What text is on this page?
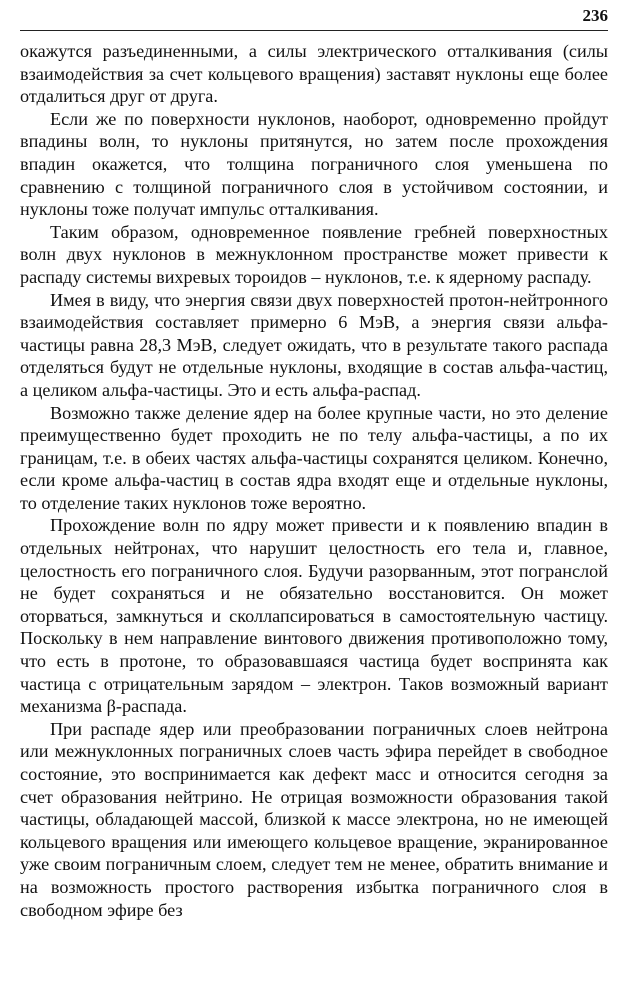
236

окажутся разъединенными, а силы электрического отталкивания (силы взаимодействия за счет кольцевого вращения) заставят нуклоны еще более отдалиться друг от друга.

Если же по поверхности нуклонов, наоборот, одновременно пройдут впадины волн, то нуклоны притянутся, но затем после прохождения впадин окажется, что толщина пограничного слоя уменьшена по сравнению с толщиной пограничного слоя в устойчивом состоянии, и нуклоны тоже получат импульс отталкивания.

Таким образом, одновременное появление гребней поверхностных волн двух нуклонов в межнуклонном пространстве может привести к распаду системы вихревых тороидов – нуклонов, т.е. к ядерному распаду.

Имея в виду, что энергия связи двух поверхностей протон-нейтронного взаимодействия составляет примерно 6 МэВ, а энергия связи альфа-частицы равна 28,3 МэВ, следует ожидать, что в результате такого распада отделяться будут не отдельные нуклоны, входящие в состав альфа-частиц, а целиком альфа-частицы. Это и есть альфа-распад.

Возможно также деление ядер на более крупные части, но это деление преимущественно будет проходить не по телу альфа-частицы, а по их границам, т.е. в обеих частях альфа-частицы сохранятся целиком. Конечно, если кроме альфа-частиц в состав ядра входят еще и отдельные нуклоны, то отделение таких нуклонов тоже вероятно.

Прохождение волн по ядру может привести и к появлению впадин в отдельных нейтронах, что нарушит целостность его тела и, главное, целостность его пограничного слоя. Будучи разорванным, этот погранслой не будет сохраняться и не обязательно восстановится. Он может оторваться, замкнуться и сколлапсироваться в самостоятельную частицу. Поскольку в нем направление винтового движения противоположно тому, что есть в протоне, то образовавшаяся частица будет воспринята как частица с отрицательным зарядом – электрон. Таков возможный вариант механизма β-распада.

При распаде ядер или преобразовании пограничных слоев нейтрона или межнуклонных пограничных слоев часть эфира перейдет в свободное состояние, это воспринимается как дефект масс и относится сегодня за счет образования нейтрино. Не отрицая возможности образования такой частицы, обладающей массой, близкой к массе электрона, но не имеющей кольцевого вращения или имеющего кольцевое вращение, экранированное уже своим пограничным слоем, следует тем не менее, обратить внимание и на возможность простого растворения избытка пограничного слоя в свободном эфире без
